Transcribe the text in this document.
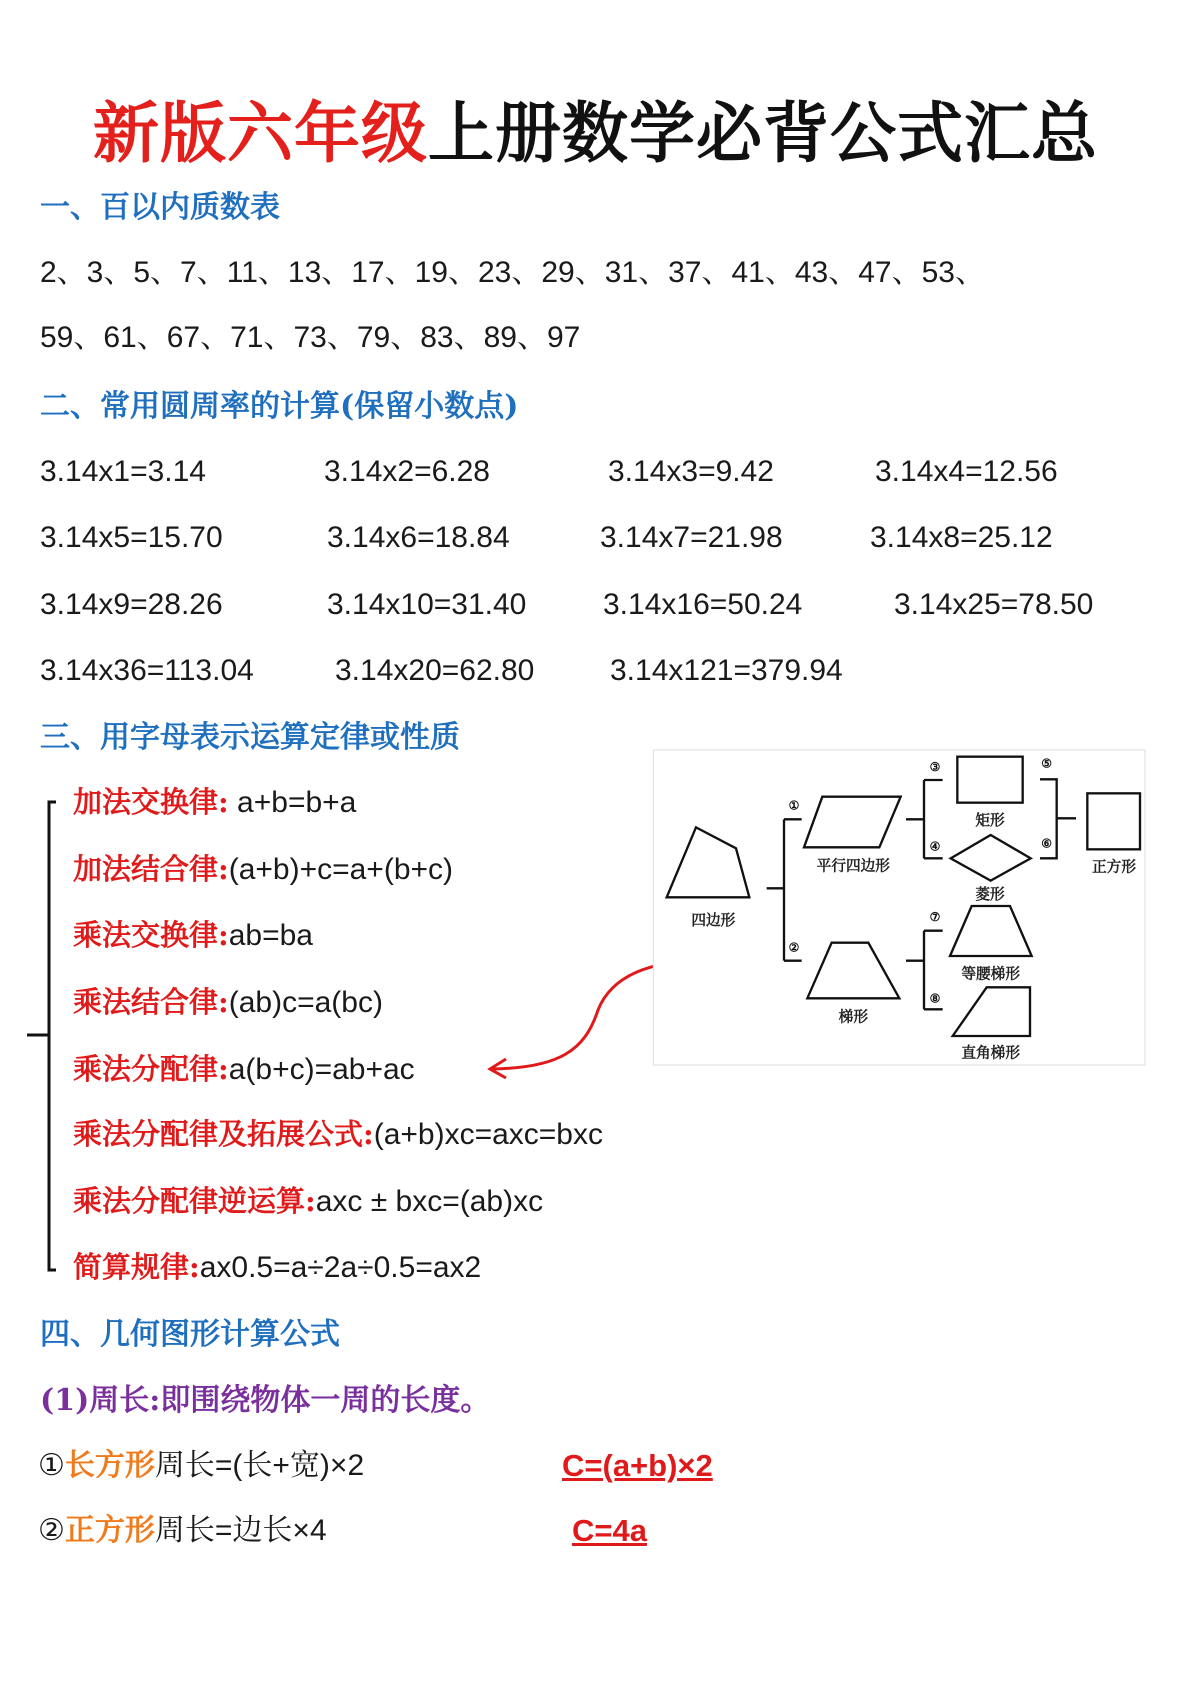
新版六年级上册数学必背公式汇总
一、百以内质数表
2、3、5、7、11、13、17、19、23、29、31、37、41、43、47、53、
59、61、67、71、73、79、83、89、97
二、常用圆周率的计算(保留小数点)
3.14x1=3.14	3.14x2=6.28	3.14x3=9.42	3.14x4=12.56
3.14x5=15.70	3.14x6=18.84	3.14x7=21.98	3.14x8=25.12
3.14x9=28.26	3.14x10=31.40	3.14x16=50.24	3.14x25=78.50
3.14x36=113.04	3.14x20=62.80	3.14x121=379.94
三、用字母表示运算定律或性质
加法交换律: a+b=b+a
加法结合律:(a+b)+c=a+(b+c)
乘法交换律:ab=ba
乘法结合律:(ab)c=a(bc)
乘法分配律:a(b+c)=ab+ac
乘法分配律及拓展公式:(a+b)xc=axc=bxc
乘法分配律逆运算:axc ± bxc=(ab)xc
简算规律:ax0.5=a÷2a÷0.5=ax2
四边形
平行四边形
矩形
菱形
正方形
梯形
等腰梯形
直角梯形
①
②
③
④
⑤
⑥
⑦
⑧
四、几何图形计算公式
(1)周长:即围绕物体一周的长度。
①长方形周长=(长+宽)×2	C=(a+b)×2
②正方形周长=边长×4	C=4a
